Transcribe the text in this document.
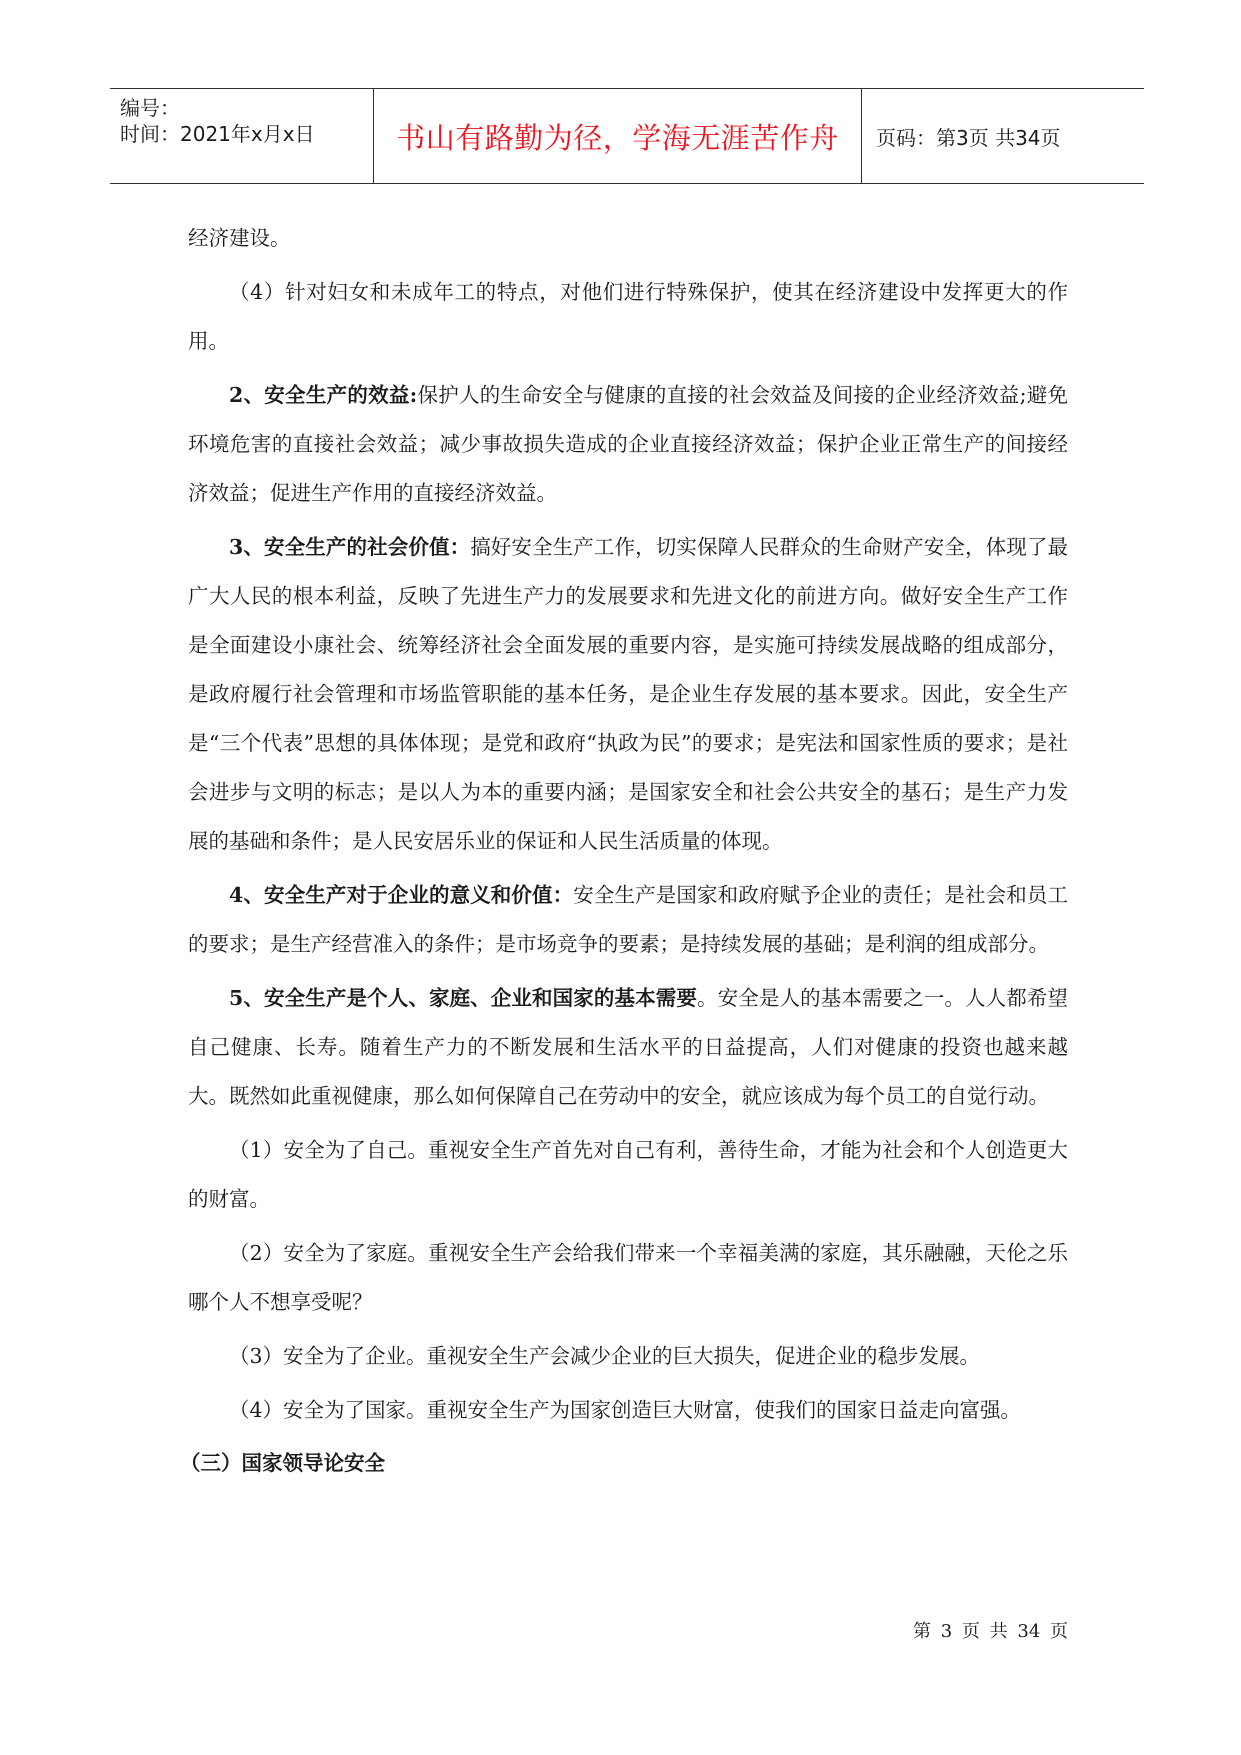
编号：
时间：2021年x月x日	书山有路勤为径，学海无涯苦作舟	页码：第3页 共34页

经济建设。

（4）针对妇女和未成年工的特点，对他们进行特殊保护，使其在经济建设中发挥更大的作用。

2、安全生产的效益:保护人的生命安全与健康的直接的社会效益及间接的企业经济效益;避免环境危害的直接社会效益；减少事故损失造成的企业直接经济效益；保护企业正常生产的间接经济效益；促进生产作用的直接经济效益。

3、安全生产的社会价值：搞好安全生产工作，切实保障人民群众的生命财产安全，体现了最广大人民的根本利益，反映了先进生产力的发展要求和先进文化的前进方向。做好安全生产工作是全面建设小康社会、统筹经济社会全面发展的重要内容，是实施可持续发展战略的组成部分，是政府履行社会管理和市场监管职能的基本任务，是企业生存发展的基本要求。因此，安全生产是“三个代表”思想的具体体现；是党和政府“执政为民”的要求；是宪法和国家性质的要求；是社会进步与文明的标志；是以人为本的重要内涵；是国家安全和社会公共安全的基石；是生产力发展的基础和条件；是人民安居乐业的保证和人民生活质量的体现。

4、安全生产对于企业的意义和价值：安全生产是国家和政府赋予企业的责任；是社会和员工的要求；是生产经营准入的条件；是市场竞争的要素；是持续发展的基础；是利润的组成部分。

5、安全生产是个人、家庭、企业和国家的基本需要。安全是人的基本需要之一。人人都希望自己健康、长寿。随着生产力的不断发展和生活水平的日益提高，人们对健康的投资也越来越大。既然如此重视健康，那么如何保障自己在劳动中的安全，就应该成为每个员工的自觉行动。

（1）安全为了自己。重视安全生产首先对自己有利，善待生命，才能为社会和个人创造更大的财富。

（2）安全为了家庭。重视安全生产会给我们带来一个幸福美满的家庭，其乐融融，天伦之乐哪个人不想享受呢？

（3）安全为了企业。重视安全生产会减少企业的巨大损失，促进企业的稳步发展。

（4）安全为了国家。重视安全生产为国家创造巨大财富，使我们的国家日益走向富强。

（三）国家领导论安全

第 3 页 共 34 页
